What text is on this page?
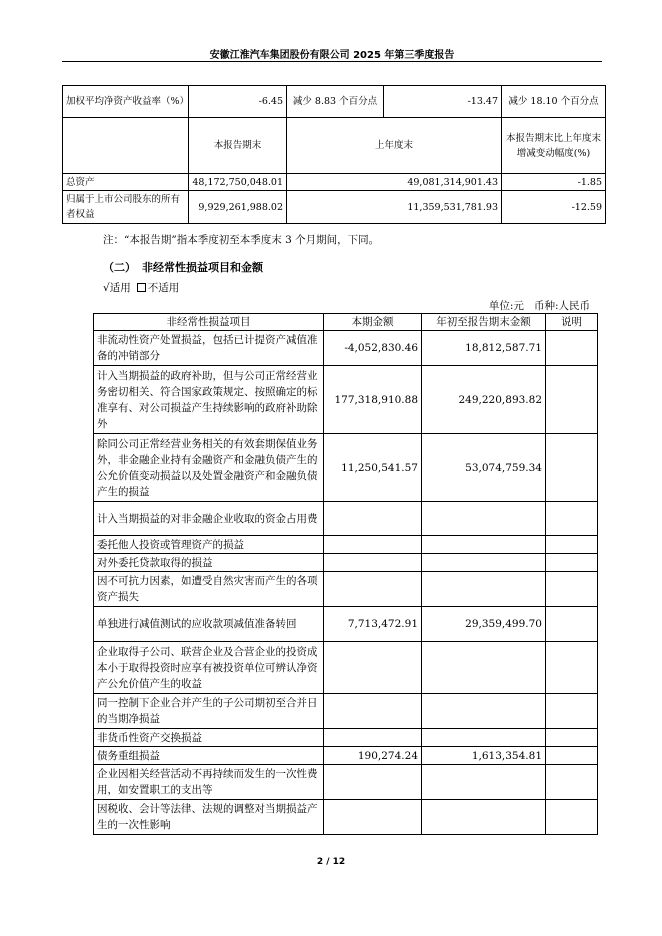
安徽江淮汽车集团股份有限公司 2025 年第三季度报告
加权平均净资产收益率（%）	-6.45	减少 8.83 个百分点	-13.47	减少 18.10 个百分点
	本报告期末	上年度末		本报告期末比上年度末增减变动幅度(%)
总资产	48,172,750,048.01	49,081,314,901.43		-1.85
归属于上市公司股东的所有者权益	9,929,261,988.02	11,359,531,781.93		-12.59
注：“本报告期”指本季度初至本季度末 3 个月期间，下同。
（二） 非经常性损益项目和金额
√适用 不适用
单位:元 币种:人民币
非经常性损益项目	本期金额	年初至报告期末金额	说明
非流动性资产处置损益，包括已计提资产减值准备的冲销部分	-4,052,830.46	18,812,587.71	
计入当期损益的政府补助，但与公司正常经营业务密切相关、符合国家政策规定、按照确定的标准享有、对公司损益产生持续影响的政府补助除外	177,318,910.88	249,220,893.82	
除同公司正常经营业务相关的有效套期保值业务外，非金融企业持有金融资产和金融负债产生的公允价值变动损益以及处置金融资产和金融负债产生的损益	11,250,541.57	53,074,759.34	
计入当期损益的对非金融企业收取的资金占用费			
委托他人投资或管理资产的损益			
对外委托贷款取得的损益			
因不可抗力因素，如遭受自然灾害而产生的各项资产损失			
单独进行减值测试的应收款项减值准备转回	7,713,472.91	29,359,499.70	
企业取得子公司、联营企业及合营企业的投资成本小于取得投资时应享有被投资单位可辨认净资产公允价值产生的收益			
同一控制下企业合并产生的子公司期初至合并日的当期净损益			
非货币性资产交换损益			
债务重组损益	190,274.24	1,613,354.81	
企业因相关经营活动不再持续而发生的一次性费用，如安置职工的支出等			
因税收、会计等法律、法规的调整对当期损益产生的一次性影响			
2 / 12
